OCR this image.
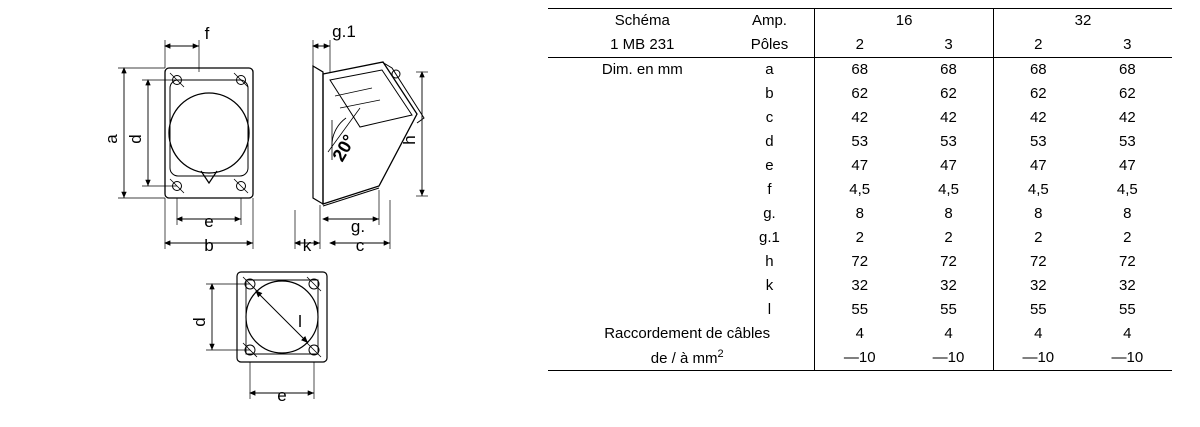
a d
f
e
b
g.1
h
g.
k	c
20°
d
e
l
Schéma	Amp.	16		32	
1 MB 231	Pôles	2	3	2	3
Dim. en mm	a	68	68	68	68
	b	62	62	62	62
	c	42	42	42	42
	d	53	53	53	53
	e	47	47	47	47
	f	4,5	4,5	4,5	4,5
	g.	8	8	8	8
	g.1	2	2	2	2
	h	72	72	72	72
	k	32	32	32	32
	l	55	55	55	55
Raccordement de câbles		4	4	4	4
de / à $mm^2$		—10	—10	—10	—10
